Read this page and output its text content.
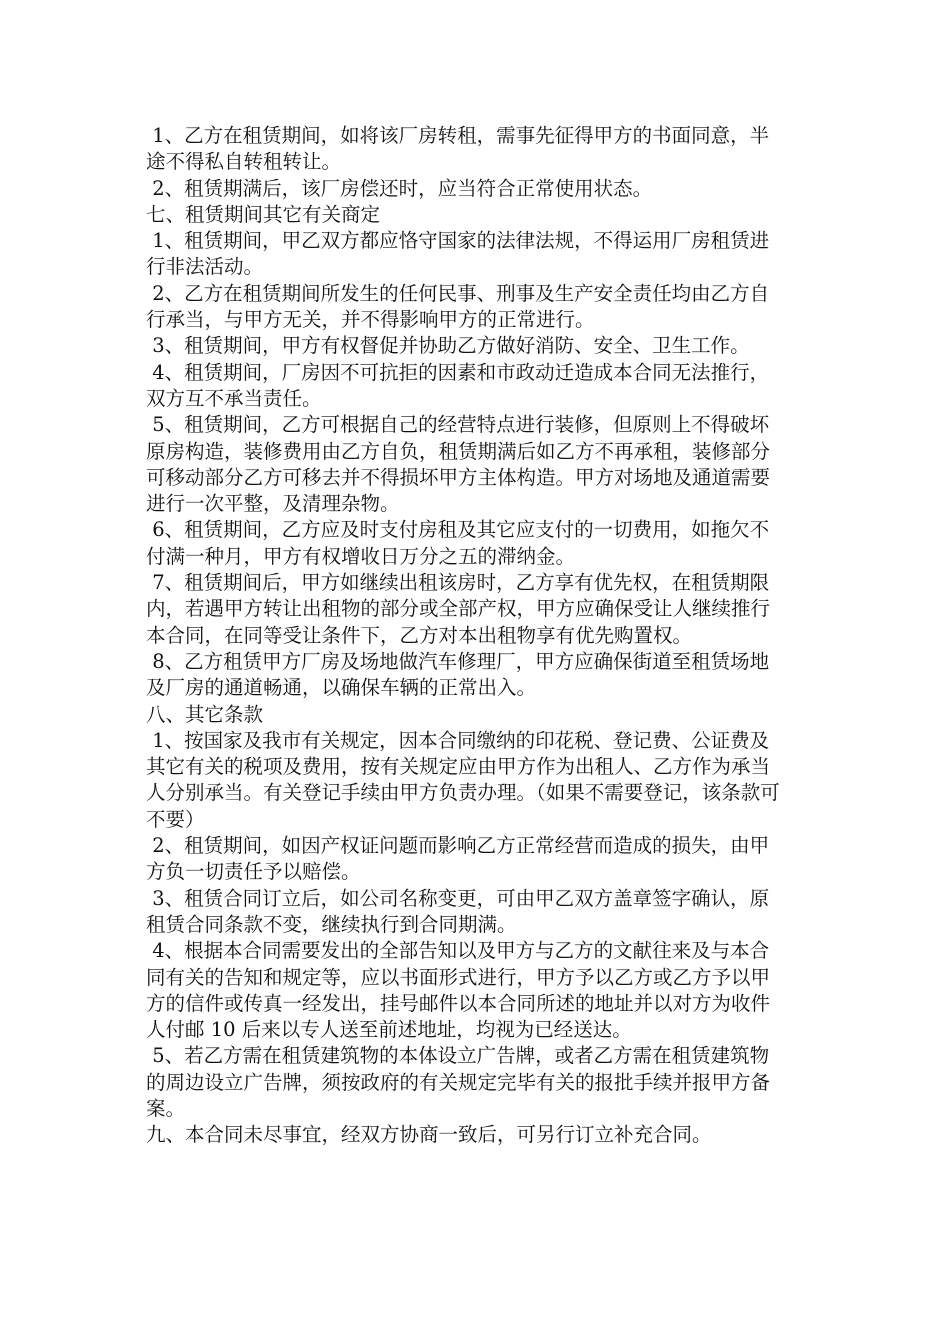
1、乙方在租赁期间，如将该厂房转租，需事先征得甲方的书面同意，半途不得私自转租转让。

2、租赁期满后，该厂房偿还时，应当符合正常使用状态。

七、租赁期间其它有关商定

1、租赁期间，甲乙双方都应恪守国家的法律法规，不得运用厂房租赁进行非法活动。

2、乙方在租赁期间所发生的任何民事、刑事及生产安全责任均由乙方自行承当，与甲方无关，并不得影响甲方的正常进行。

3、租赁期间，甲方有权督促并协助乙方做好消防、安全、卫生工作。

4、租赁期间，厂房因不可抗拒的因素和市政动迁造成本合同无法推行，双方互不承当责任。

5、租赁期间，乙方可根据自己的经营特点进行装修，但原则上不得破坏原房构造，装修费用由乙方自负，租赁期满后如乙方不再承租，装修部分可移动部分乙方可移去并不得损坏甲方主体构造。甲方对场地及通道需要进行一次平整，及清理杂物。

6、租赁期间，乙方应及时支付房租及其它应支付的一切费用，如拖欠不付满一种月，甲方有权增收日万分之五的滞纳金。

7、租赁期间后，甲方如继续出租该房时，乙方享有优先权，在租赁期限内，若遇甲方转让出租物的部分或全部产权，甲方应确保受让人继续推行本合同，在同等受让条件下，乙方对本出租物享有优先购置权。

8、乙方租赁甲方厂房及场地做汽车修理厂，甲方应确保街道至租赁场地及厂房的通道畅通，以确保车辆的正常出入。

八、其它条款

1、按国家及我市有关规定，因本合同缴纳的印花税、登记费、公证费及其它有关的税项及费用，按有关规定应由甲方作为出租人、乙方作为承当人分别承当。有关登记手续由甲方负责办理。（如果不需要登记，该条款可不要）

2、租赁期间，如因产权证问题而影响乙方正常经营而造成的损失，由甲方负一切责任予以赔偿。

3、租赁合同订立后，如公司名称变更，可由甲乙双方盖章签字确认，原租赁合同条款不变，继续执行到合同期满。

4、根据本合同需要发出的全部告知以及甲方与乙方的文献往来及与本合同有关的告知和规定等，应以书面形式进行，甲方予以乙方或乙方予以甲方的信件或传真一经发出，挂号邮件以本合同所述的地址并以对方为收件人付邮 10 后来以专人送至前述地址，均视为已经送达。

5、若乙方需在租赁建筑物的本体设立广告牌，或者乙方需在租赁建筑物的周边设立广告牌，须按政府的有关规定完毕有关的报批手续并报甲方备案。

九、本合同未尽事宜，经双方协商一致后，可另行订立补充合同。
